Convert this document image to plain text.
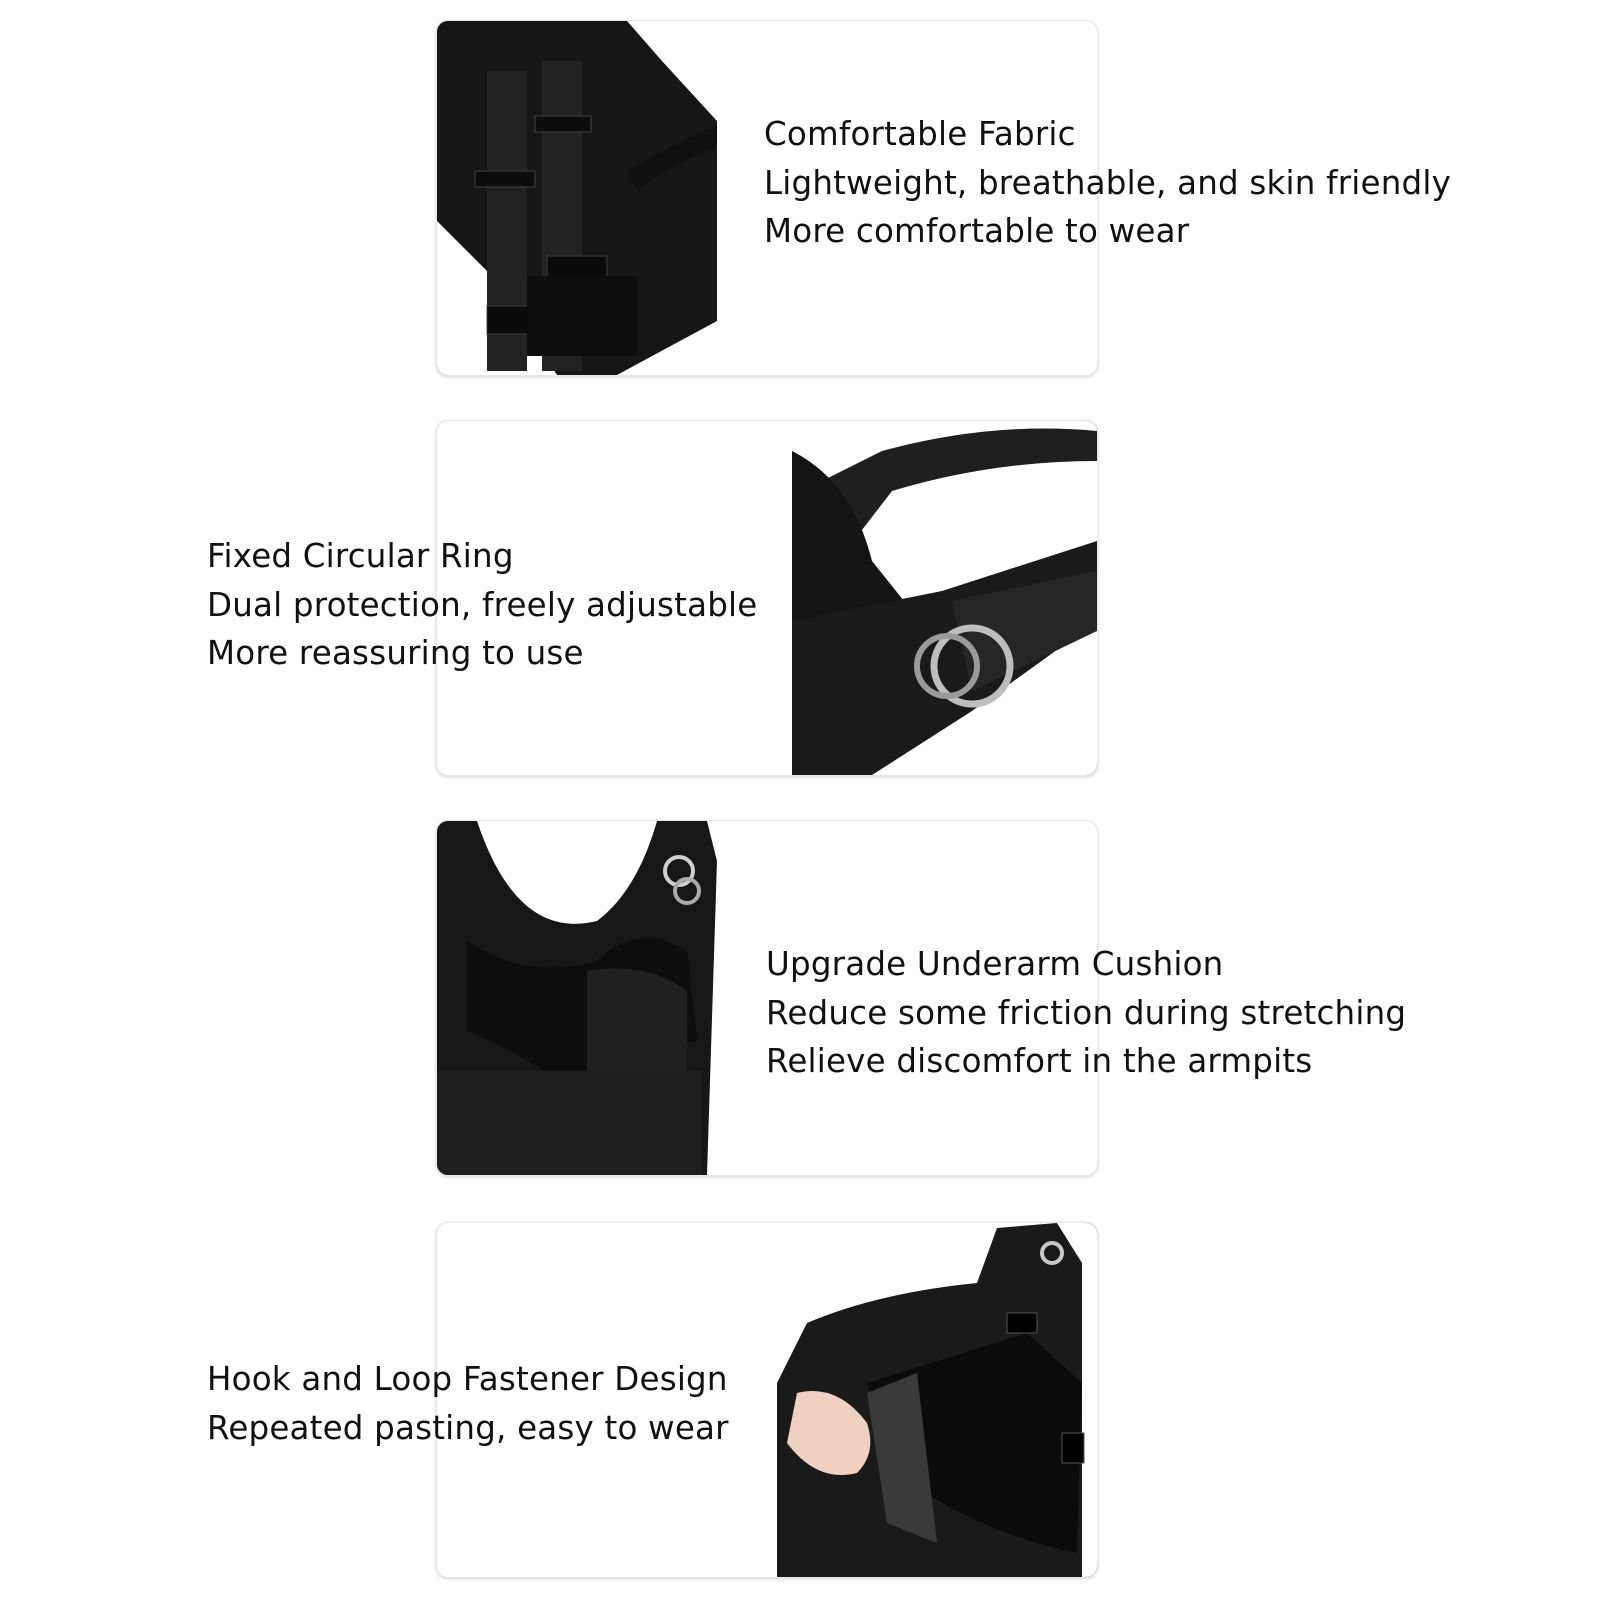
Comfortable Fabric
Lightweight, breathable, and skin friendly
More comfortable to wear
Fixed Circular Ring
Dual protection, freely adjustable
More reassuring to use
Upgrade Underarm Cushion
Reduce some friction during stretching
Relieve discomfort in the armpits
Hook and Loop Fastener Design
Repeated pasting, easy to wear
